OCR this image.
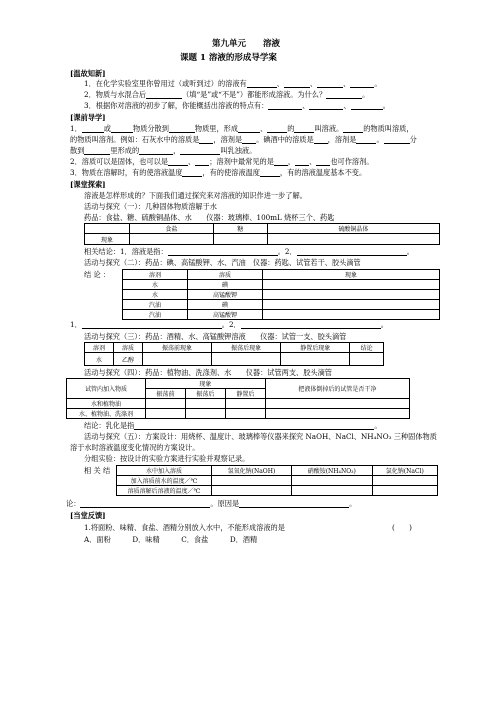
第九单元　　溶液
课题 1 溶液的形成导学案
[温故知新]
1．在化学实验室里你曾用过（或听到过）的溶液有	、	、	、	。
2．物质与水混合后	（填“是”或“不是”）都能形成溶液。为什么？	。
3．根据你对溶液的初步了解，你能概括出溶液的特点有：	、	、	。
[课前导学]
1．	或	物质分散到	物质里，形成	、	的	叫溶液。	的物质叫溶质，
的物质叫溶剂。例如：石灰水中的溶质是 ，溶剂是 。碘酒中的溶质是 ，溶剂是	。	分
散到	里形成的	，	叫乳浊液。
2．溶质可以是固体，也可以是	、 ；溶剂中最常见的是 ， 、 也可作溶剂。
3．物质在溶解时，有的使溶液温度	，有的使溶液温度	，有的溶液温度基本不变。
[课堂探索]
溶液是怎样形成的？下面我们通过探究来对溶液的知识作进一步了解。
活动与探究（一）：几种固体物质溶解于水
药品：食盐、糖、硫酸铜晶体、水　　仪器：玻璃棒、100mL 烧杯三个、药匙
	食盐	糖	硫酸铜晶体
现象			
相关结论：1．溶液是指：	。2．	。
活动与探究（二）：药品：碘、高锰酸钾、水、汽油　仪器：药匙、试管若干、胶头滴管
结 论 ：	溶剂	溶质	现象
水	碘	
水	高锰酸钾	
汽油	碘	
汽油	高锰酸钾	
1．	。2．	。
活动与探究（三）：药品：酒精、水、高锰酸钾溶液　　仪器：试管一支、胶头滴管
溶剂	溶质	振荡前现象	振荡后现象	静置后现象	结论
水	乙醇				
活动与探究（四）：药品：植物油、洗涤剂、水　　仪器：试管两支、胶头滴管
试管内加入物质	现象			把液体倒掉后的试管是否干净
	振荡前	振荡后	静置后	
水和植物油				
水、植物油、洗涤剂				
结论：乳化是指	。
活动与探究（五）：方案设计：用烧杯、温度计、玻璃棒等仪器来探究 NaOH、NaCl、NH₄NO₃ 三种固体物质
溶于水时溶液温度变化情况的方案设计。
分组实验：按设计的实验方案进行实验并观察记录。
相 关 结	水中加入溶质	氢氧化钠(NaOH)	硝酸铵(NH₄NO₃)	氯化钠(NaCl)
加入溶质前水的温度／℃			
溶质溶解后溶液的温度／℃			
论：	。原因是	。
[当堂反馈]
1.将面粉、味精、食盐、酒精分别放入水中，不能形成溶液的是	(　　)
A．面粉　　　D．味精　　　C．食盐　　　D．酒精
